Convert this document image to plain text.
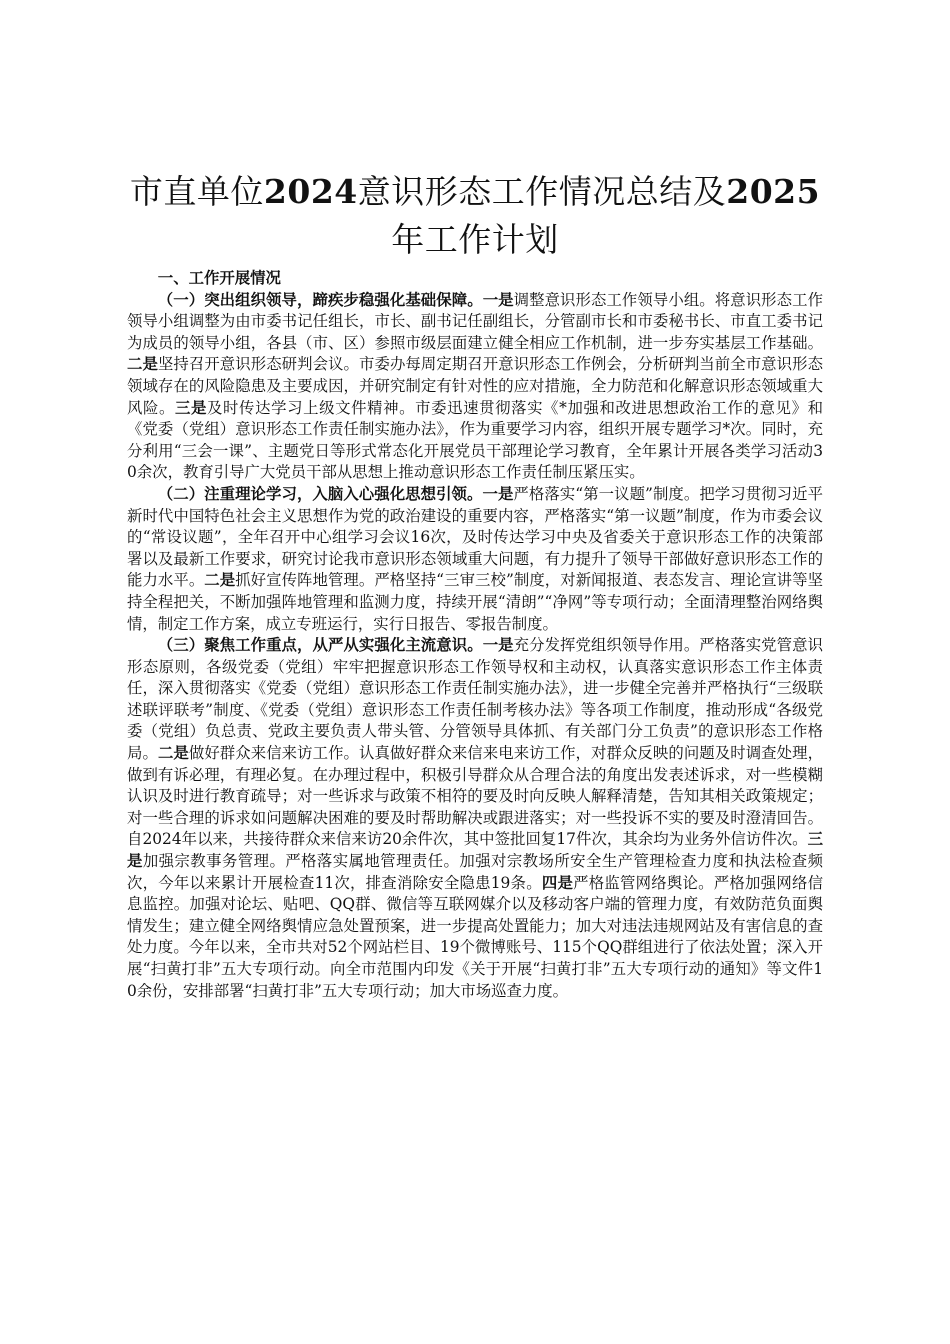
市直单位2024意识形态工作情况总结及2025
年工作计划

一、工作开展情况

（一）突出组织领导，蹄疾步稳强化基础保障。一是调整意识形态工作领导小组。将意识形态工作领导小组调整为由市委书记任组长，市长、副书记任副组长，分管副市长和市委秘书长、市直工委书记为成员的领导小组，各县（市、区）参照市级层面建立健全相应工作机制，进一步夯实基层工作基础。二是坚持召开意识形态研判会议。市委办每周定期召开意识形态工作例会，分析研判当前全市意识形态领域存在的风险隐患及主要成因，并研究制定有针对性的应对措施，全力防范和化解意识形态领域重大风险。三是及时传达学习上级文件精神。市委迅速贯彻落实《*加强和改进思想政治工作的意见》和《党委（党组）意识形态工作责任制实施办法》，作为重要学习内容，组织开展专题学习*次。同时，充分利用“三会一课”、主题党日等形式常态化开展党员干部理论学习教育，全年累计开展各类学习活动30余次，教育引导广大党员干部从思想上推动意识形态工作责任制压紧压实。

（二）注重理论学习，入脑入心强化思想引领。一是严格落实“第一议题”制度。把学习贯彻习近平新时代中国特色社会主义思想作为党的政治建设的重要内容，严格落实“第一议题”制度，作为市委会议的“常设议题”，全年召开中心组学习会议16次，及时传达学习中央及省委关于意识形态工作的决策部署以及最新工作要求，研究讨论我市意识形态领域重大问题，有力提升了领导干部做好意识形态工作的能力水平。二是抓好宣传阵地管理。严格坚持“三审三校”制度，对新闻报道、表态发言、理论宣讲等坚持全程把关，不断加强阵地管理和监测力度，持续开展“清朗”“净网”等专项行动；全面清理整治网络舆情，制定工作方案，成立专班运行，实行日报告、零报告制度。

（三）聚焦工作重点，从严从实强化主流意识。一是充分发挥党组织领导作用。严格落实党管意识形态原则，各级党委（党组）牢牢把握意识形态工作领导权和主动权，认真落实意识形态工作主体责任，深入贯彻落实《党委（党组）意识形态工作责任制实施办法》，进一步健全完善并严格执行“三级联述联评联考”制度、《党委（党组）意识形态工作责任制考核办法》等各项工作制度，推动形成“各级党委（党组）负总责、党政主要负责人带头管、分管领导具体抓、有关部门分工负责”的意识形态工作格局。二是做好群众来信来访工作。认真做好群众来信来电来访工作，对群众反映的问题及时调查处理，做到有诉必理，有理必复。在办理过程中，积极引导群众从合理合法的角度出发表述诉求，对一些模糊认识及时进行教育疏导；对一些诉求与政策不相符的要及时向反映人解释清楚，告知其相关政策规定；对一些合理的诉求如问题解决困难的要及时帮助解决或跟进落实；对一些投诉不实的要及时澄清回告。自2024年以来，共接待群众来信来访20余件次，其中签批回复17件次，其余均为业务外信访件次。三是加强宗教事务管理。严格落实属地管理责任。加强对宗教场所安全生产管理检查力度和执法检查频次，今年以来累计开展检查11次，排查消除安全隐患19条。四是严格监管网络舆论。严格加强网络信息监控。加强对论坛、贴吧、QQ群、微信等互联网媒介以及移动客户端的管理力度，有效防范负面舆情发生；建立健全网络舆情应急处置预案，进一步提高处置能力；加大对违法违规网站及有害信息的查处力度。今年以来，全市共对52个网站栏目、19个微博账号、115个QQ群组进行了依法处置；深入开展“扫黄打非”五大专项行动。向全市范围内印发《关于开展“扫黄打非”五大专项行动的通知》等文件10余份，安排部署“扫黄打非”五大专项行动；加大市场巡查力度。
